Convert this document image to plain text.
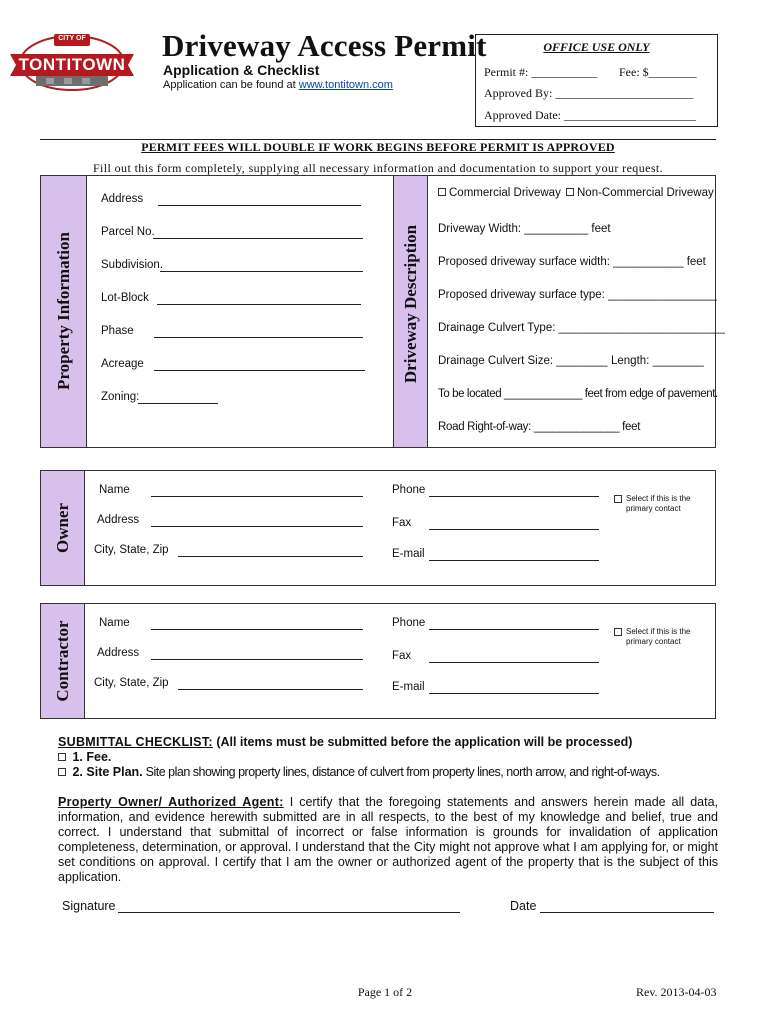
CITY OF
TONTITOWN
Driveway Access Permit
Application & Checklist
Application can be found at www.tontitown.com
OFFICE USE ONLY
Permit #: ___________ Fee: $________
Approved By: _______________________
Approved Date: ______________________
PERMIT FEES WILL DOUBLE IF WORK BEGINS BEFORE PERMIT IS APPROVED
Fill out this form completely, supplying all necessary information and documentation to support your request.
Property Information	Driveway Description
Address
Parcel No.
Subdivision.
Lot-Block
Phase
Acreage
Zoning:
Commercial Driveway	Non-Commercial Driveway
Driveway Width: __________ feet
Proposed driveway surface width: ___________ feet
Proposed driveway surface type: _________________
Drainage Culvert Type: __________________________
Drainage Culvert Size: ________ Length: ________
To be located _____________ feet from edge of pavement.
Road Right-of-way: ______________ feet
Owner
Name
Address
City, State, Zip
Phone
Fax
E-mail
Select if this is the primary contact
Contractor Name
Address
City, State, Zip
Phone
Fax
E-mail
Select if this is the primary contact
SUBMITTAL CHECKLIST: (All items must be submitted before the application will be processed)
1. Fee.
2. Site Plan. Site plan showing property lines, distance of culvert from property lines, north arrow, and right-of-ways.
Property Owner/ Authorized Agent: I certify that the foregoing statements and answers herein made all data, information, and evidence herewith submitted are in all respects, to the best of my knowledge and belief, true and correct. I understand that submittal of incorrect or false information is grounds for invalidation of application completeness, determination, or approval. I understand that the City might not approve what I am applying for, or might set conditions on approval. I certify that I am the owner or authorized agent of the property that is the subject of this application.
Signature	Date
Page 1 of 2	Rev. 2013-04-03
